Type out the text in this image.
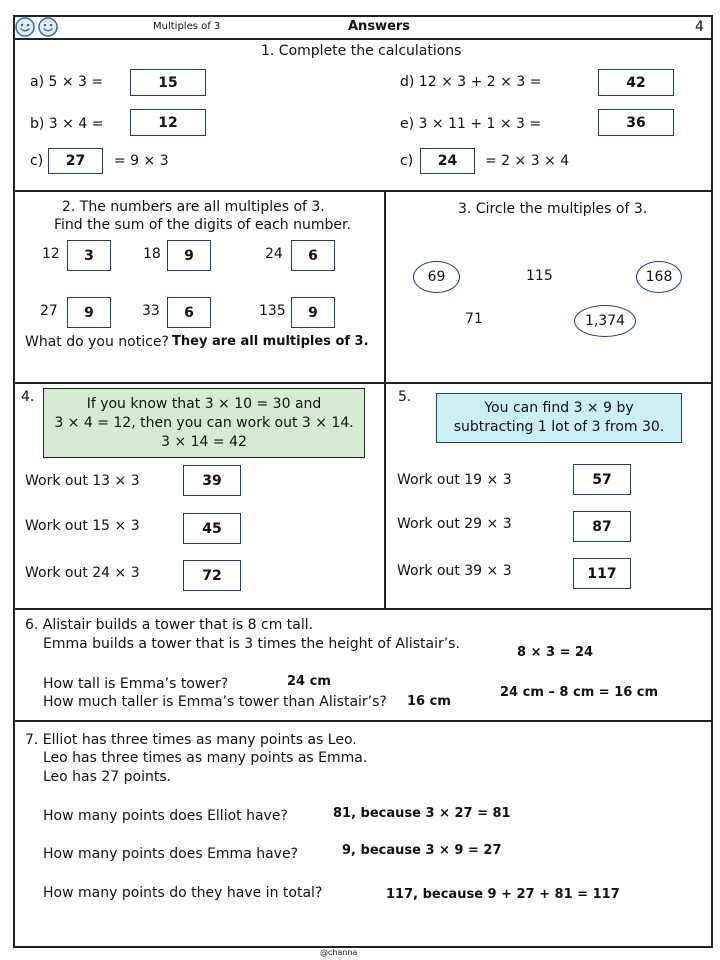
Multiples of 3	Answers	4
1. Complete the calculations
a) 5 × 3 =	15
b) 3 × 4 =	12
c)	27	= 9 × 3
d) 12 × 3 + 2 × 3 =	42
e) 3 × 11 + 1 × 3 =	36
c)	24	= 2 × 3 × 4
2. The numbers are all multiples of 3.
Find the sum of the digits of each number.
12	3	18	9	24	6
27	9	33	6	135	9
What do you notice? They are all multiples of 3.
3. Circle the multiples of 3.
69	115	168
71	1,374
4.	If you know that 3 × 10 = 30 and
3 × 4 = 12, then you can work out 3 × 14.
3 × 14 = 42
Work out 13 × 3	39
Work out 15 × 3	45
Work out 24 × 3	72
5.
You can find 3 × 9 by
subtracting 1 lot of 3 from 30.
Work out 19 × 3	57
Work out 29 × 3	87
Work out 39 × 3	117
6. Alistair builds a tower that is 8 cm tall.
Emma builds a tower that is 3 times the height of Alistair’s.
8 × 3 = 24
How tall is Emma’s tower?	24 cm
How much taller is Emma’s tower than Alistair’s? 16 cm
24 cm – 8 cm = 16 cm
7. Elliot has three times as many points as Leo.
Leo has three times as many points as Emma.
Leo has 27 points.
How many points does Elliot have?	81, because 3 × 27 = 81
How many points does Emma have?	9, because 3 × 9 = 27
How many points do they have in total?	117, because 9 + 27 + 81 = 117
@channa
